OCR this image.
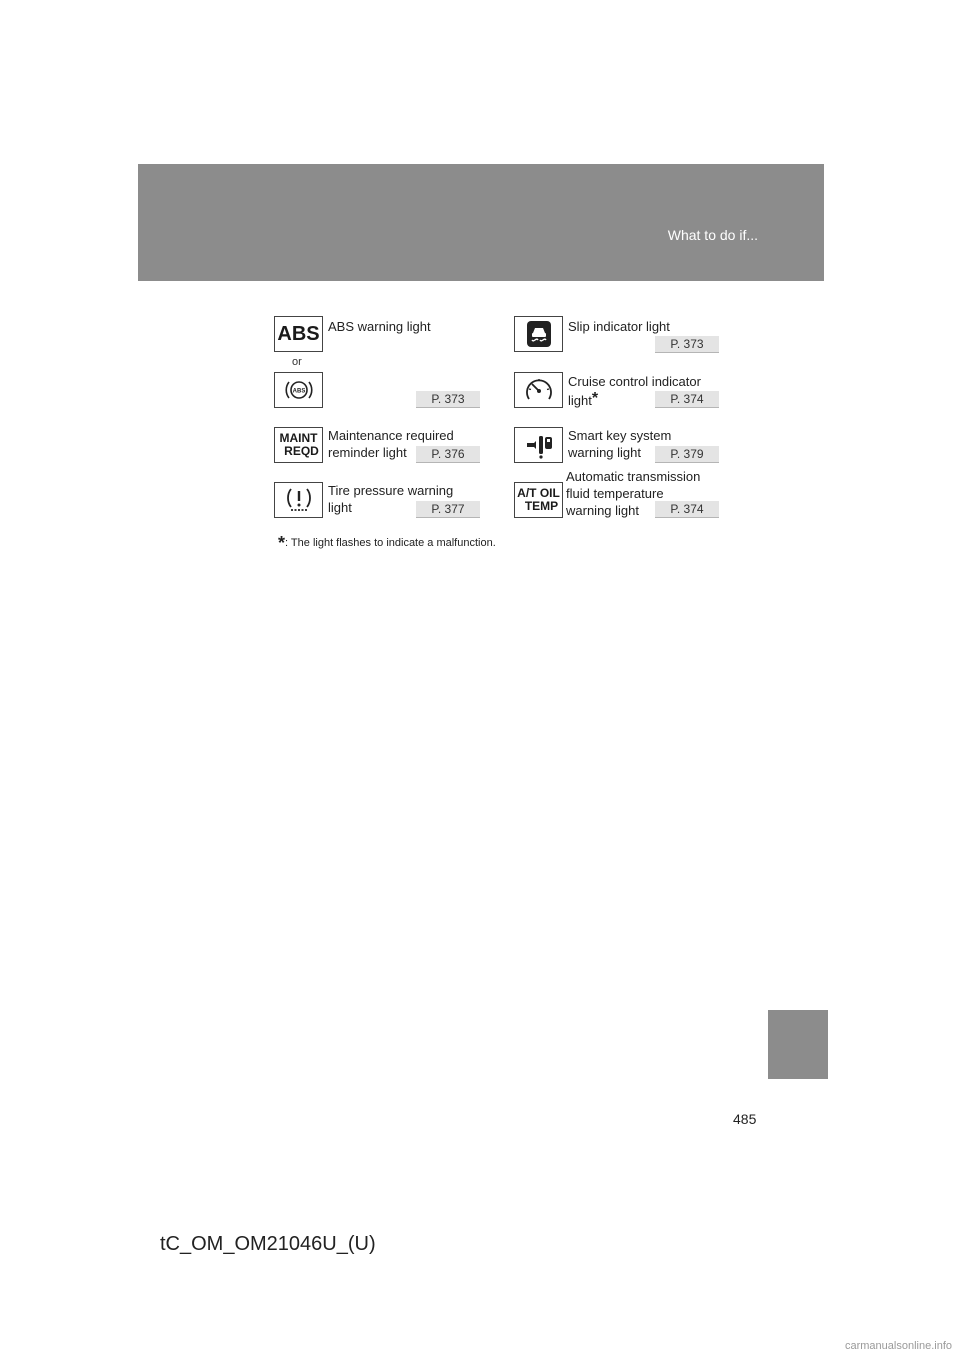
What to do if...
ABS ABS warning light
or
ABS
P. 373
MAINT
REQD
Maintenance required
reminder light	P. 376
Tire pressure warning
light	P. 377
Slip indicator light
P. 373
Cruise control indicator
light*	P. 374
Smart key system
warning light	P. 379
A/T OIL
TEMP
Automatic transmission
fluid temperature
warning light	P. 374
*: The light flashes to indicate a malfunction.
485
tC_OM_OM21046U_(U)
carmanualsonline.info
